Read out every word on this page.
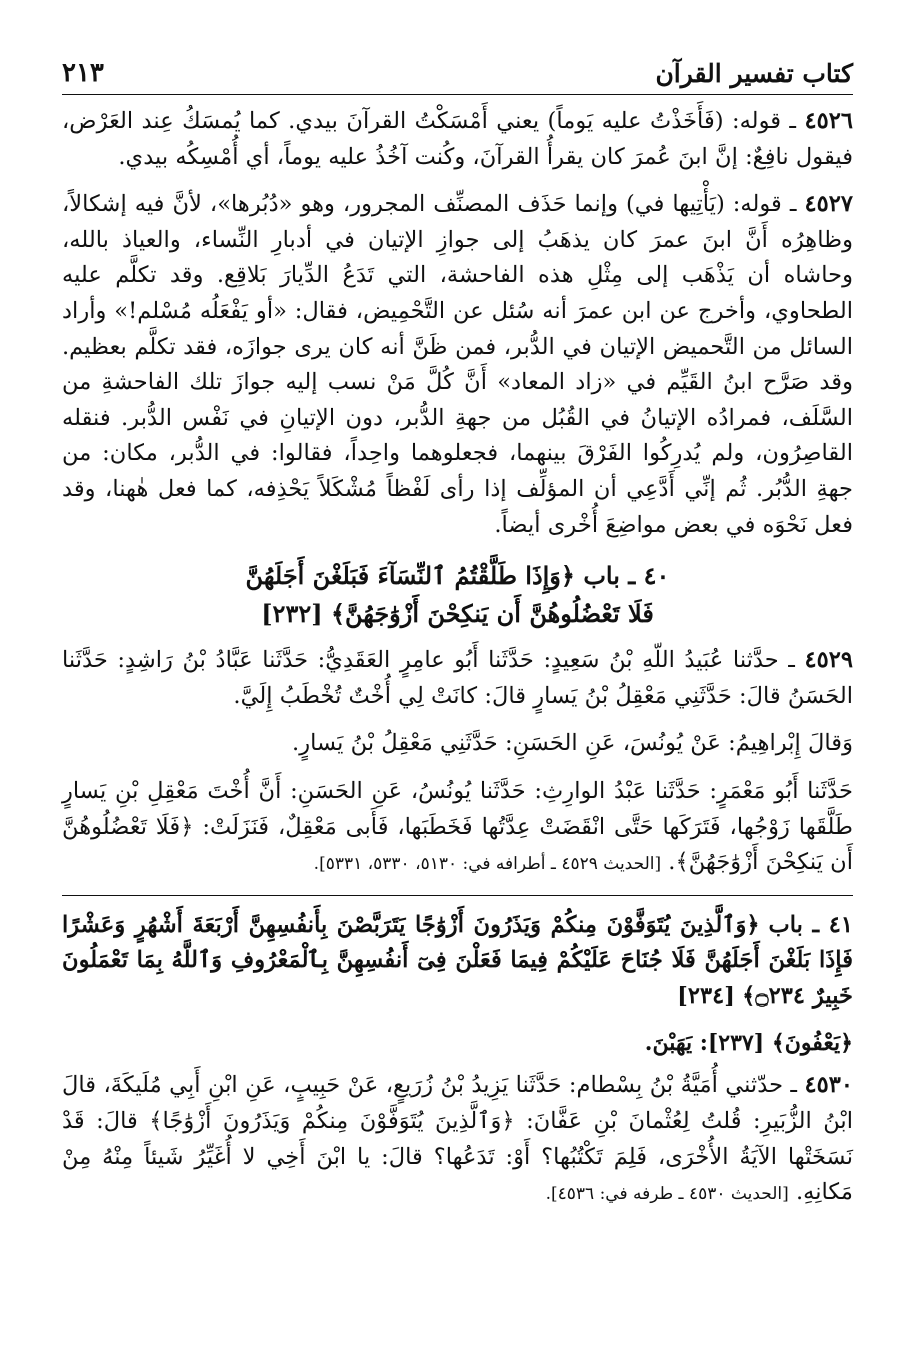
كتاب تفسير القرآن
٢١٣

٤٥٢٦ ـ قوله: (فَأَخَذْتُ عليه يَوماً) يعني أَمْسَكْتُ القرآنَ بيدي. كما يُمسَكُ عِند العَرْض، فيقول نافِعٌ: إنَّ ابنَ عُمرَ كان يقرأُ القرآنَ، وكُنت آخُذُ عليه يوماً، أي أُمْسِكُه بيدي.

٤٥٢٧ ـ قوله: (يَأْتِيها في) وإنما حَذَف المصنِّف المجرور، وهو «دُبُرها»، لأنَّ فيه إشكالاً، وظاهِرُه أَنَّ ابنَ عمرَ كان يذهَبُ إلى جوازِ الإتيان في أدبارِ النِّساء، والعياذ بالله، وحاشاه أن يَذْهَب إلى مِثْلِ هذه الفاحشة، التي تَدَعُ الدِّيارَ بَلاقِع. وقد تكلَّم عليه الطحاوي، وأخرج عن ابن عمرَ أنه سُئل عن التَّحْمِيض، فقال: «أو يَفْعَلُه مُسْلم!» وأراد السائل من التَّحميض الإتيان في الدُّبر، فمن ظَنَّ أنه كان يرى جوازَه، فقد تكلَّم بعظيم. وقد صَرَّح ابنُ القَيِّم في «زاد المعاد» أَنَّ كُلَّ مَنْ نسب إليه جوازَ تلك الفاحشةِ من السَّلَف، فمرادُه الإتيانُ في القُبُل من جهةِ الدُّبر، دون الإتيانِ في نَفْس الدُّبر. فنقله القاصِرُون، ولم يُدرِكُوا الفَرْقَ بينهما، فجعلوهما واحِداً، فقالوا: في الدُّبر، مكان: من جهةِ الدُّبُر. ثُم إنِّي أَدَّعِي أن المؤلِّف إذا رأى لَفْظاً مُشْكَلاً يَحْذِفه، كما فعل هٰهنا، وقد فعل نَحْوَه في بعض مواضِعَ أُخْرى أيضاً.

٤٠ ـ باب ﴿وَإِذَا طَلَّقْتُمُ ٱلنِّسَآءَ فَبَلَغْنَ أَجَلَهُنَّ
فَلَا تَعْضُلُوهُنَّ أَن يَنكِحْنَ أَزْوَٰجَهُنَّ﴾ [٢٣٢]

٤٥٢٩ ـ حدَّثنا عُبَيدُ اللّهِ بْنُ سَعِيدٍ: حَدَّثَنا أَبُو عامِرٍ العَقَدِيُّ: حَدَّثَنا عَبَّادُ بْنُ رَاشِدٍ: حَدَّثَنا الحَسَنُ قالَ: حَدَّثَنِي مَعْقِلُ بْنُ يَسارٍ قالَ: كانَتْ لِي أُخْتٌ تُخْطَبُ إِلَيَّ.

وَقالَ إِبْراهِيمُ: عَنْ يُونُسَ، عَنِ الحَسَنِ: حَدَّثَنِي مَعْقِلُ بْنُ يَسارٍ.

حَدَّثَنا أَبُو مَعْمَرٍ: حَدَّثَنا عَبْدُ الوارِثِ: حَدَّثَنا يُونُسُ، عَنِ الحَسَنِ: أَنَّ أُخْتَ مَعْقِلِ بْنِ يَسارٍ طَلَّقَها زَوْجُها، فَتَرَكَها حَتَّى انْقَضَتْ عِدَّتُها فَخَطَبَها، فَأَبى مَعْقِلٌ، فَنَزَلَتْ: ﴿فَلَا تَعْضُلُوهُنَّ أَن يَنكِحْنَ أَزْوَٰجَهُنَّ﴾. [الحديث ٤٥٢٩ ـ أطرافه في: ٥١٣٠، ٥٣٣٠، ٥٣٣١].

٤١ ـ باب ﴿وَٱلَّذِينَ يُتَوَفَّوْنَ مِنكُمْ وَيَذَرُونَ أَزْوَٰجًا يَتَرَبَّصْنَ بِأَنفُسِهِنَّ أَرْبَعَةَ أَشْهُرٍ وَعَشْرًا فَإِذَا بَلَغْنَ أَجَلَهُنَّ فَلَا جُنَاحَ عَلَيْكُمْ فِيمَا فَعَلْنَ فِىٓ أَنفُسِهِنَّ بِٱلْمَعْرُوفِ وَٱللَّهُ بِمَا تَعْمَلُونَ خَبِيرٌ ۝٢٣٤﴾ [٢٣٤]

﴿يَعْفُونَ﴾ [٢٣٧]: يَهَبْنَ.

٤٥٣٠ ـ حدّثني أُمَيَّةُ بْنُ بِسْطام: حَدَّثَنا يَزِيدُ بْنُ زُرَيعٍ، عَنْ حَبِيبٍ، عَنِ ابْنِ أَبِي مُلَيكَةَ، قالَ ابْنُ الزُّبَيرِ: قُلتُ لِعُثْمانَ بْنِ عَفَّانَ: ﴿وَٱلَّذِينَ يُتَوَفَّوْنَ مِنكُمْ وَيَذَرُونَ أَزْوَٰجًا﴾ قالَ: قَدْ نَسَخَتْها الآيَةُ الأُخْرَى، فَلِمَ تَكْتُبُها؟ أَوْ: تَدَعُها؟ قالَ: يا ابْنَ أَخِي لا أُغَيِّرُ شَيئاً مِنْهُ مِنْ مَكانِهِ. [الحديث ٤٥٣٠ ـ طرفه في: ٤٥٣٦].
